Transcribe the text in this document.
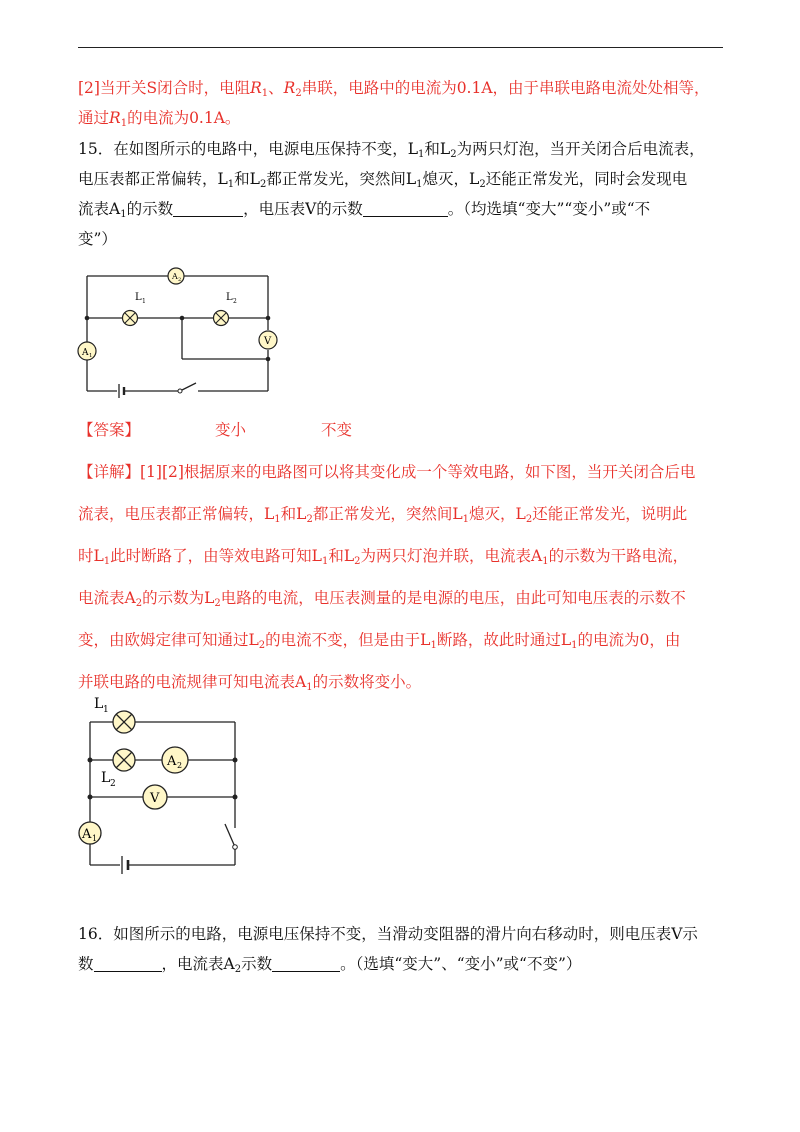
[2]当开关S闭合时，电阻$R_1$、$R_2$串联，电路中的电流为0.1A，由于串联电路电流处处相等，
通过$R_1$的电流为0.1A。
15．在如图所示的电路中，电源电压保持不变，$L_1$和$L_2$为两只灯泡，当开关闭合后电流表，
电压表都正常偏转，$L_1$和$L_2$都正常发光，突然间$L_1$熄灭，$L_2$还能正常发光，同时会发现电
流表$A_1$的示数	，电压表V的示数	。（均选填“变大”“变小”或“不
变”）
A 2
A 1
V
L 1	L 2
【答案】	变小	不变
【详解】[1][2]根据原来的电路图可以将其变化成一个等效电路，如下图，当开关闭合后电
流表，电压表都正常偏转，$L_1$和$L_2$都正常发光，突然间$L_1$熄灭，$L_2$还能正常发光，说明此
时$L_1$此时断路了，由等效电路可知$L_1$和$L_2$为两只灯泡并联，电流表$A_1$的示数为干路电流，
电流表$A_2$的示数为$L_2$电路的电流，电压表测量的是电源的电压，由此可知电压表的示数不
变，由欧姆定律可知通过$L_2$的电流不变，但是由于$L_1$断路，故此时通过$L_1$的电流为0，由
并联电路的电流规律可知电流表$A_1$的示数将变小。
L 1
L 2
A 2
V
A 1
16．如图所示的电路，电源电压保持不变，当滑动变阻器的滑片向右移动时，则电压表V示
数	，电流表$A_2$示数	。（选填“变大”、“变小”或“不变”）
